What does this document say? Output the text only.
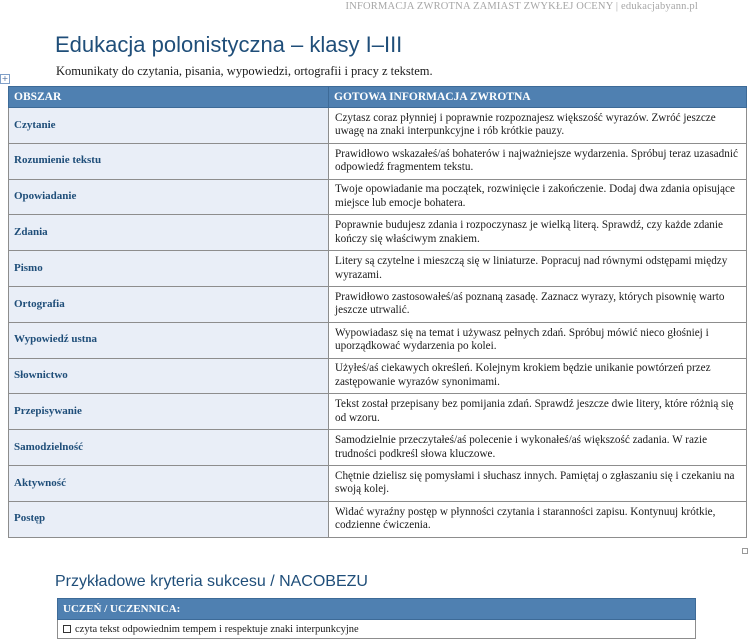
INFORMACJA ZWROTNA ZAMIAST ZWYKŁEJ OCENY | edukacjabyann.pl
+
Edukacja polonistyczna – klasy I–III

Komunikaty do czytania, pisania, wypowiedzi, ortografii i pracy z tekstem.

OBSZAR	GOTOWA INFORMACJA ZWROTNA
Czytanie	Czytasz coraz płynniej i poprawnie rozpoznajesz większość wyrazów. Zwróć jeszcze uwagę na znaki interpunkcyjne i rób krótkie pauzy.
Rozumienie tekstu	Prawidłowo wskazałeś/aś bohaterów i najważniejsze wydarzenia. Spróbuj teraz uzasadnić odpowiedź fragmentem tekstu.
Opowiadanie	Twoje opowiadanie ma początek, rozwinięcie i zakończenie. Dodaj dwa zdania opisujące miejsce lub emocje bohatera.
Zdania	Poprawnie budujesz zdania i rozpoczynasz je wielką literą. Sprawdź, czy każde zdanie kończy się właściwym znakiem.
Pismo	Litery są czytelne i mieszczą się w liniaturze. Popracuj nad równymi odstępami między wyrazami.
Ortografia	Prawidłowo zastosowałeś/aś poznaną zasadę. Zaznacz wyrazy, których pisownię warto jeszcze utrwalić.
Wypowiedź ustna	Wypowiadasz się na temat i używasz pełnych zdań. Spróbuj mówić nieco głośniej i uporządkować wydarzenia po kolei.
Słownictwo	Użyłeś/aś ciekawych określeń. Kolejnym krokiem będzie unikanie powtórzeń przez zastępowanie wyrazów synonimami.
Przepisywanie	Tekst został przepisany bez pomijania zdań. Sprawdź jeszcze dwie litery, które różnią się od wzoru.
Samodzielność	Samodzielnie przeczytałeś/aś polecenie i wykonałeś/aś większość zadania. W razie trudności podkreśl słowa kluczowe.
Aktywność	Chętnie dzielisz się pomysłami i słuchasz innych. Pamiętaj o zgłaszaniu się i czekaniu na swoją kolej.
Postęp	Widać wyraźny postęp w płynności czytania i staranności zapisu. Kontynuuj krótkie, codzienne ćwiczenia.
Przykładowe kryteria sukcesu / NACOBEZU
UCZEŃ / UCZENNICA:
czyta tekst odpowiednim tempem i respektuje znaki interpunkcyjne
